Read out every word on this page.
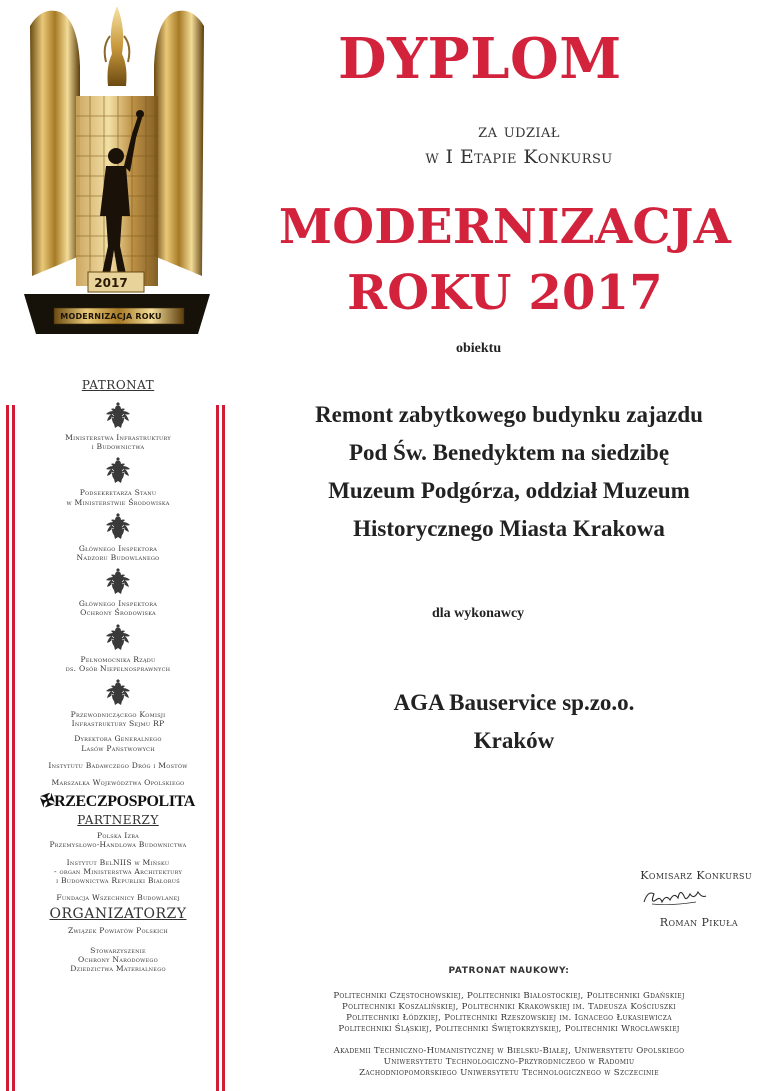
2017
MODERNIZACJA ROKU
PATRONAT
Ministerstwa Infrastruktury
i Budownictwa
Podsekretarza Stanu
w Ministerstwie Środowiska
Głównego Inspektora
Nadzoru Budowlanego
Głównego Inspektora
Ochrony Środowiska
Pełnomocnika Rządu
ds. Osób Niepełnosprawnych
Przewodniczącego Komisji
Infrastruktury Sejmu RP
Dyrektora Generalnego
Lasów Państwowych
Instytutu Badawczego Dróg i Mostów
Marszałka Województwa Opolskiego
✠RZECZPOSPOLITA
PARTNERZY
Polska Izba
Przemysłowo-Handlowa Budownictwa
Instytut BelNIIS w Mińsku
- organ Ministerstwa Architektury
i Budownictwa Republiki Białoruś
Fundacja Wszechnicy Budowlanej
ORGANIZATORZY
Związek Powiatów Polskich
Stowarzyszenie
Ochrony Narodowego
Dziedzictwa Materialnego
DYPLOM
za udział
w I Etapie Konkursu
MODERNIZACJA
ROKU 2017
obiektu
Remont zabytkowego budynku zajazdu
Pod Św. Benedyktem na siedzibę
Muzeum Podgórza, oddział Muzeum
Historycznego Miasta Krakowa
dla wykonawcy
AGA Bauservice sp.zo.o.
Kraków
Komisarz Konkursu
Roman Pikuła
PATRONAT NAUKOWY:
Politechniki Częstochowskiej, Politechniki Białostockiej, Politechniki Gdańskiej
Politechniki Koszalińskiej, Politechniki Krakowskiej im. Tadeusza Kościuszki
Politechniki Łódzkiej, Politechniki Rzeszowskiej im. Ignacego Łukasiewicza
Politechniki Śląskiej, Politechniki Świętokrzyskiej, Politechniki Wrocławskiej
Akademii Techniczno-Humanistycznej w Bielsku-Białej, Uniwersytetu Opolskiego
Uniwersytetu Technologiczno-Przyrodniczego w Radomiu
Zachodniopomorskiego Uniwersytetu Technologicznego w Szczecinie
